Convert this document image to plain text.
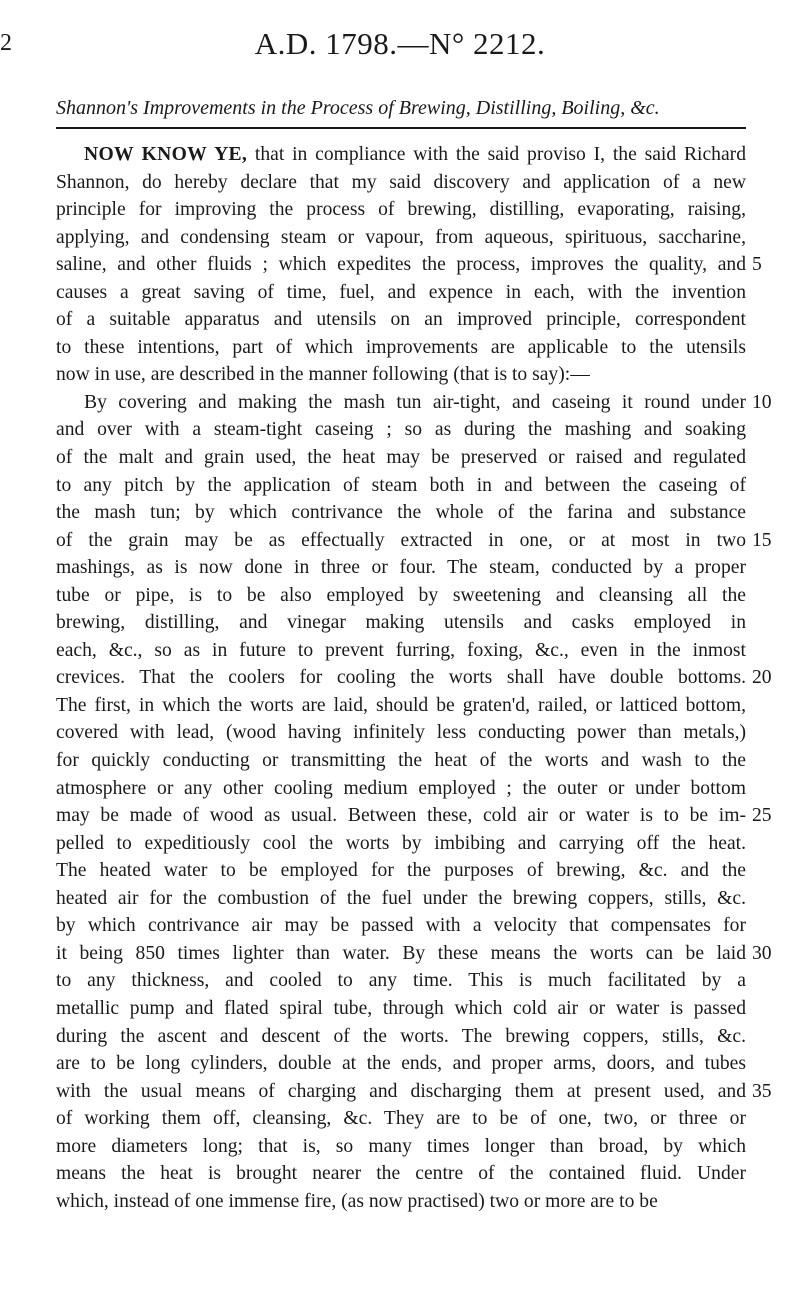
2	A.D. 1798.—N° 2212.
Shannon's Improvements in the Process of Brewing, Distilling, Boiling, &c.
NOW KNOW YE, that in compliance with the said proviso I, the said Richard
Shannon, do hereby declare that my said discovery and application of a new
principle for improving the process of brewing, distilling, evaporating, raising,
applying, and condensing steam or vapour, from aqueous, spirituous, saccharine,
saline, and other fluids ; which expedites the process, improves the quality, and 5
causes a great saving of time, fuel, and expence in each, with the invention
of a suitable apparatus and utensils on an improved principle, correspondent
to these intentions, part of which improvements are applicable to the utensils
now in use, are described in the manner following (that is to say):—
By covering and making the mash tun air-tight, and caseing it round under 10
and over with a steam-tight caseing ; so as during the mashing and soaking
of the malt and grain used, the heat may be preserved or raised and regulated
to any pitch by the application of steam both in and between the caseing of
the mash tun; by which contrivance the whole of the farina and substance
of the grain may be as effectually extracted in one, or at most in two 15
mashings, as is now done in three or four. The steam, conducted by a proper
tube or pipe, is to be also employed by sweetening and cleansing all the
brewing, distilling, and vinegar making utensils and casks employed in
each, &c., so as in future to prevent furring, foxing, &c., even in the inmost
crevices. That the coolers for cooling the worts shall have double bottoms. 20
The first, in which the worts are laid, should be graten'd, railed, or latticed bottom,
covered with lead, (wood having infinitely less conducting power than metals,)
for quickly conducting or transmitting the heat of the worts and wash to the
atmosphere or any other cooling medium employed ; the outer or under bottom
may be made of wood as usual. Between these, cold air or water is to be im- 25
pelled to expeditiously cool the worts by imbibing and carrying off the heat.
The heated water to be employed for the purposes of brewing, &c. and the
heated air for the combustion of the fuel under the brewing coppers, stills, &c.
by which contrivance air may be passed with a velocity that compensates for
it being 850 times lighter than water. By these means the worts can be laid 30
to any thickness, and cooled to any time. This is much facilitated by a
metallic pump and flated spiral tube, through which cold air or water is passed
during the ascent and descent of the worts. The brewing coppers, stills, &c.
are to be long cylinders, double at the ends, and proper arms, doors, and tubes
with the usual means of charging and discharging them at present used, and 35
of working them off, cleansing, &c. They are to be of one, two, or three or
more diameters long; that is, so many times longer than broad, by which
means the heat is brought nearer the centre of the contained fluid. Under
which, instead of one immense fire, (as now practised) two or more are to be
